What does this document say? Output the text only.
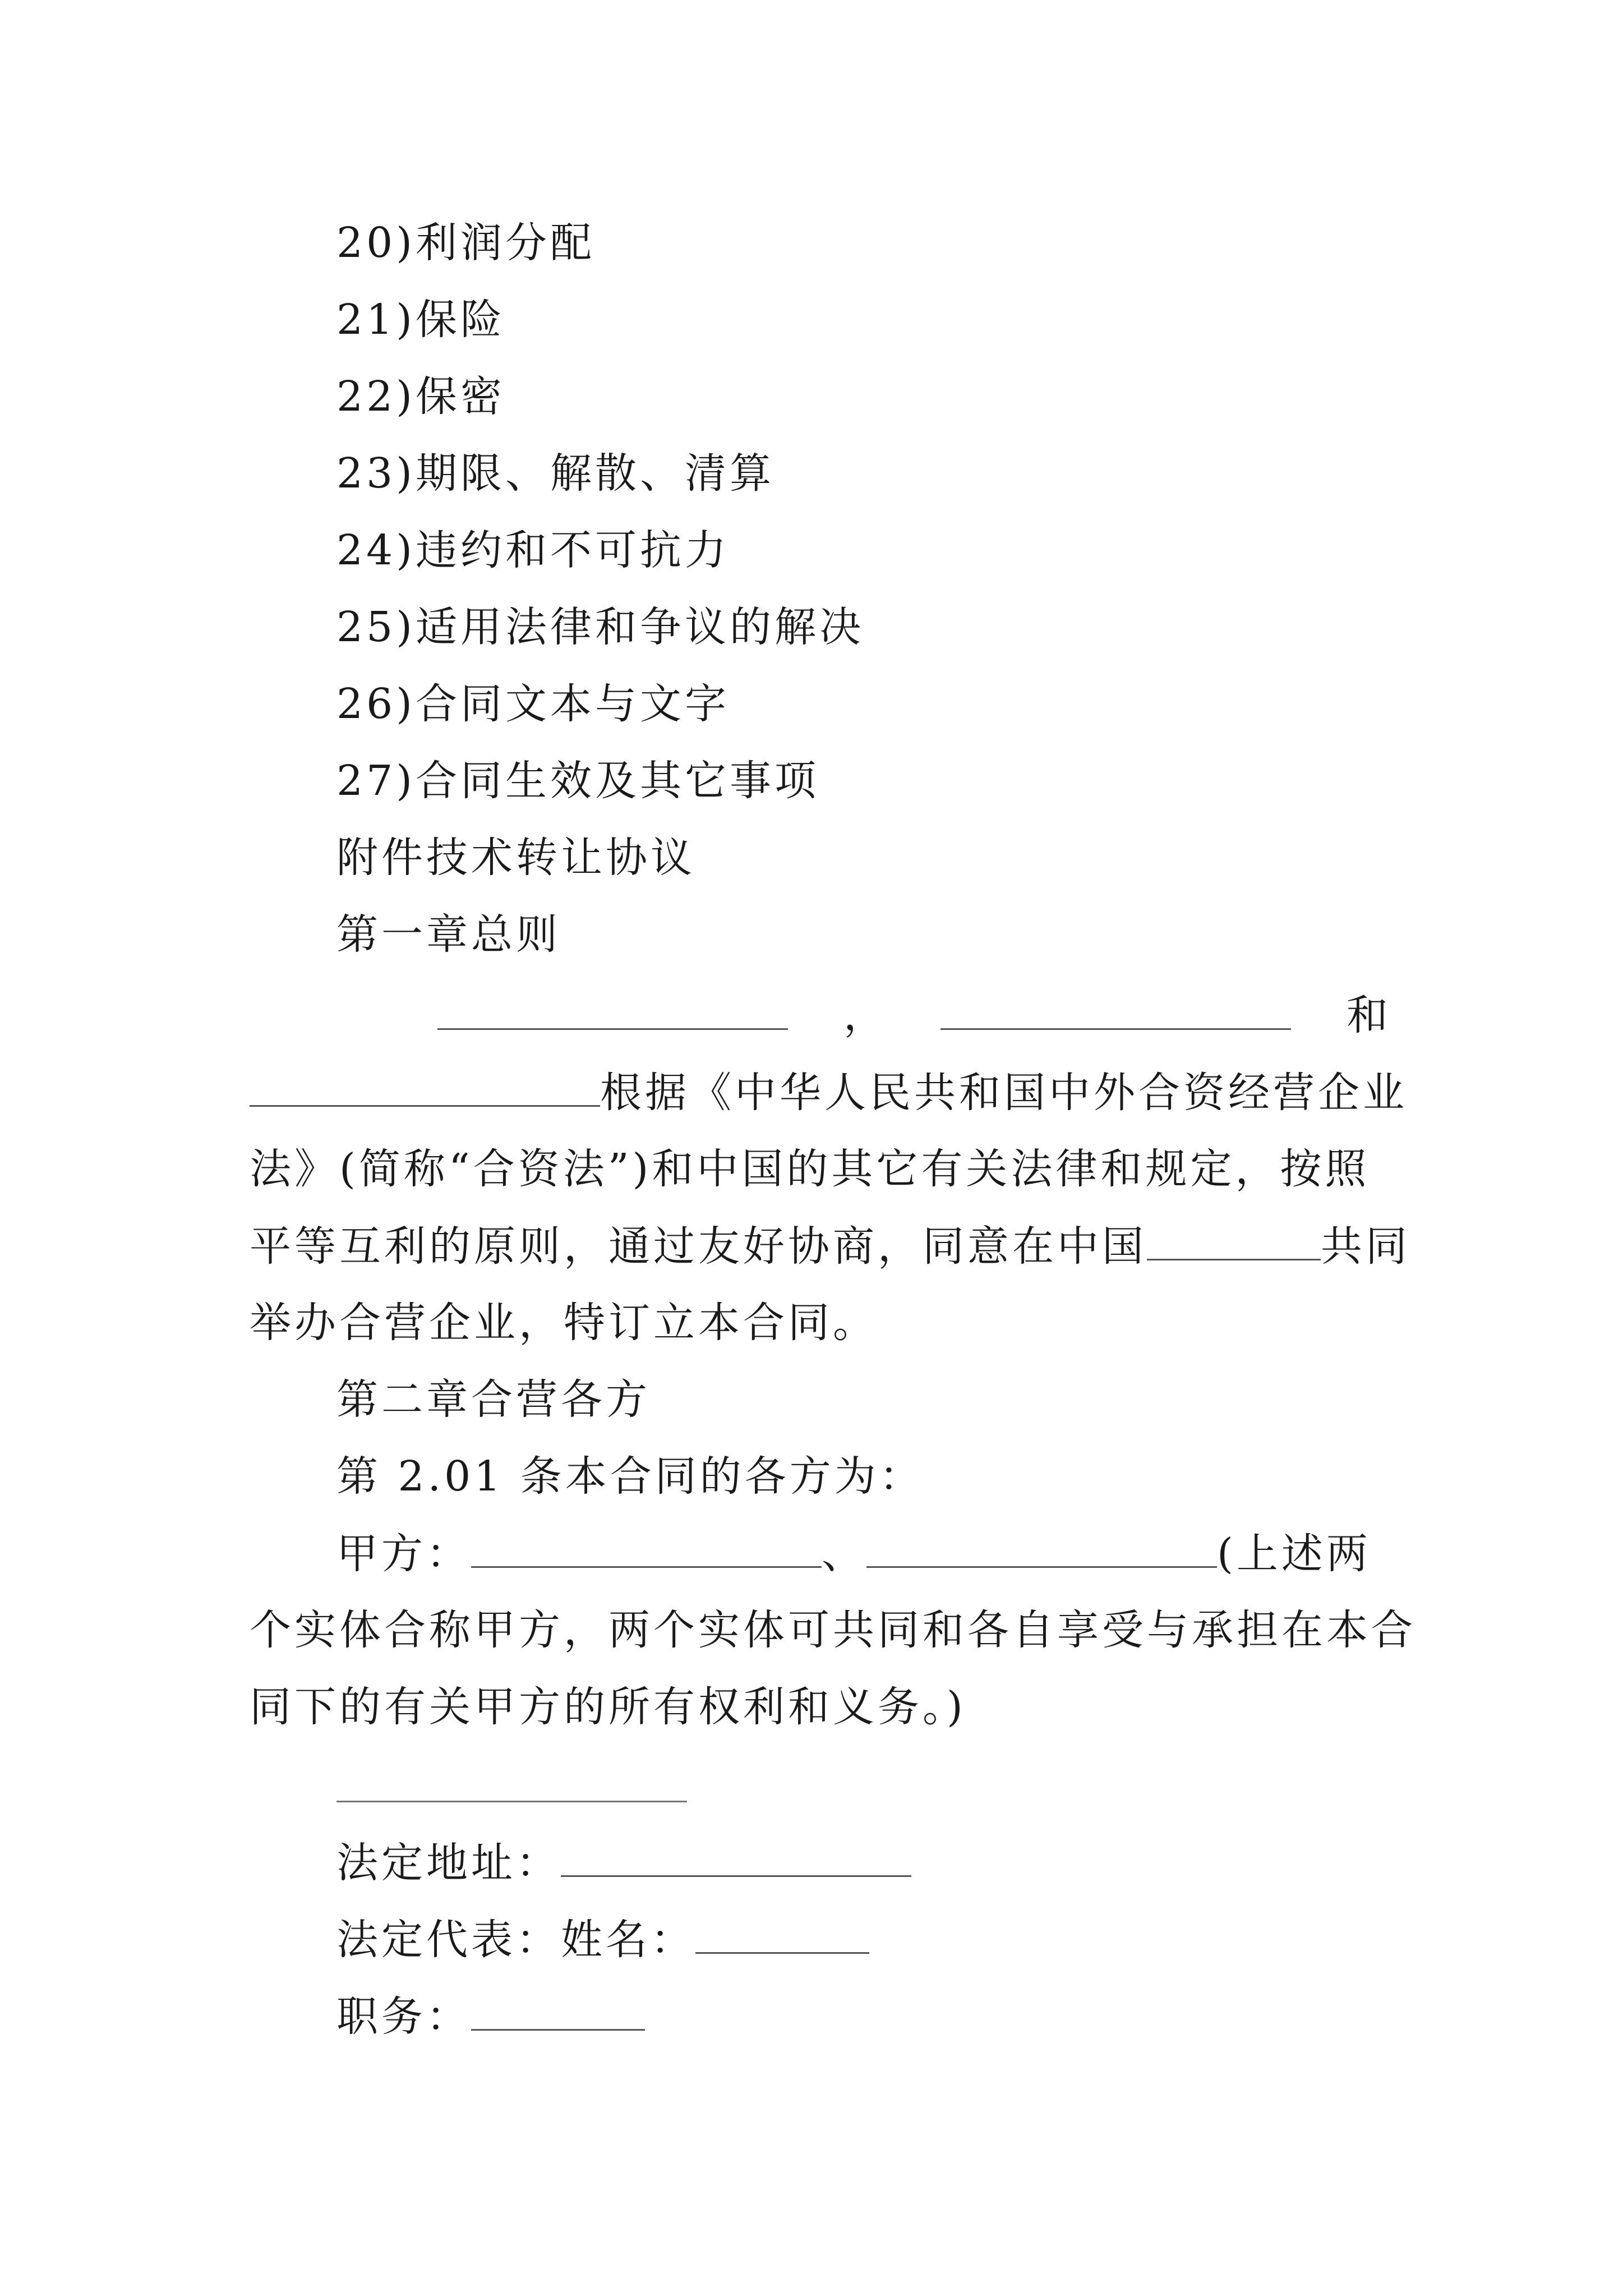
20)利润分配
21)保险
22)保密
23)期限、解散、清算
24)违约和不可抗力
25)适用法律和争议的解决
26)合同文本与文字
27)合同生效及其它事项
附件技术转让协议
第一章总则
，	和
根据《中华人民共和国中外合资经营企业
法》(简称“合资法”)和中国的其它有关法律和规定，按照
平等互利的原则，通过友好协商，同意在中国	共同
举办合营企业，特订立本合同。
第二章合营各方
第 2.01 条本合同的各方为：
甲方：	、	(上述两
个实体合称甲方，两个实体可共同和各自享受与承担在本合
同下的有关甲方的所有权利和义务。)
法定地址：
法定代表：姓名：
职务：
